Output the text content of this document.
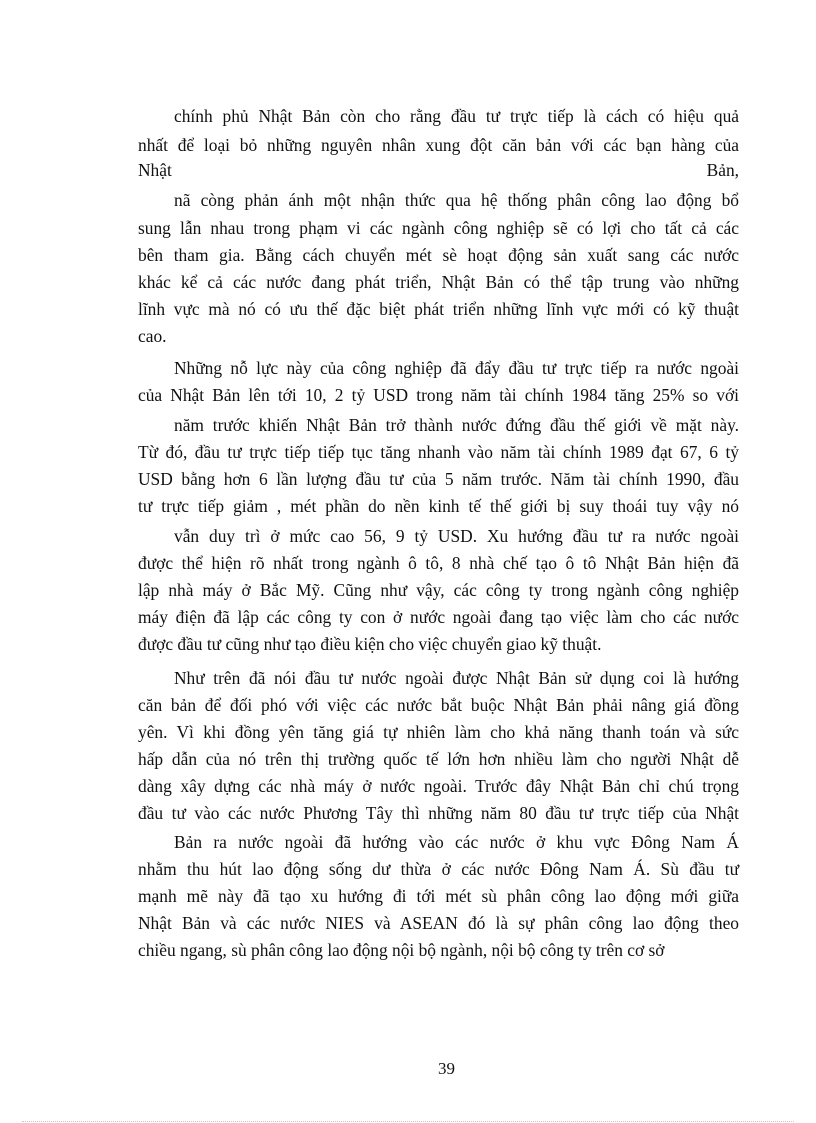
chính phủ Nhật Bản còn cho rằng đầu tư trực tiếp là cách có hiệu quả
nhất để loại bỏ những nguyên nhân xung đột căn bản với các bạn hàng của
Nhật Bản,
nã còng phản ánh một nhận thức qua hệ thống phân công lao động bổ
sung lẫn nhau trong phạm vi các ngành công nghiệp sẽ có lợi cho tất cả các
bên tham gia. Bằng cách chuyển mét sè hoạt động sản xuất sang các nước
khác kể cả các nước đang phát triển, Nhật Bản có thể tập trung vào những
lĩnh vực mà nó có ưu thế đặc biệt phát triển những lĩnh vực mới có kỹ thuật
cao.
Những nỗ lực này của công nghiệp đã đẩy đầu tư trực tiếp ra nước ngoài
của Nhật Bản lên tới 10, 2 tỷ USD trong năm tài chính 1984 tăng 25% so với
năm trước khiến Nhật Bản trở thành nước đứng đầu thế giới về mặt này.
Từ đó, đầu tư trực tiếp tiếp tục tăng nhanh vào năm tài chính 1989 đạt 67, 6 tỷ
USD bằng hơn 6 lần lượng đầu tư của 5 năm trước. Năm tài chính 1990, đầu
tư trực tiếp giảm , mét phần do nền kinh tế thế giới bị suy thoái tuy vậy nó
vẫn duy trì ở mức cao 56, 9 tỷ USD. Xu hướng đầu tư ra nước ngoài
được thể hiện rõ nhất trong ngành ô tô, 8 nhà chế tạo ô tô Nhật Bản hiện đã
lập nhà máy ở Bắc Mỹ. Cũng như vậy, các công ty trong ngành công nghiệp
máy điện đã lập các công ty con ở nước ngoài đang tạo việc làm cho các nước
được đầu tư cũng như tạo điều kiện cho việc chuyển giao kỹ thuật.
Như trên đã nói đầu tư nước ngoài được Nhật Bản sử dụng coi là hướng
căn bản để đối phó với việc các nước bắt buộc Nhật Bản phải nâng giá đồng
yên. Vì khi đồng yên tăng giá tự nhiên làm cho khả năng thanh toán và sức
hấp dẫn của nó trên thị trường quốc tế lớn hơn nhiều làm cho người Nhật dễ
dàng xây dựng các nhà máy ở nước ngoài. Trước đây Nhật Bản chỉ chú trọng
đầu tư vào các nước Phương Tây thì những năm 80 đầu tư trực tiếp của Nhật
Bản ra nước ngoài đã hướng vào các nước ở khu vực Đông Nam Á
nhằm thu hút lao động sống dư thừa ở các nước Đông Nam Á. Sù đầu tư
mạnh mẽ này đã tạo xu hướng đi tới mét sù phân công lao động mới giữa
Nhật Bản và các nước NIES và ASEAN đó là sự phân công lao động theo
chiều ngang, sù phân công lao động nội bộ ngành, nội bộ công ty trên cơ sở
39
